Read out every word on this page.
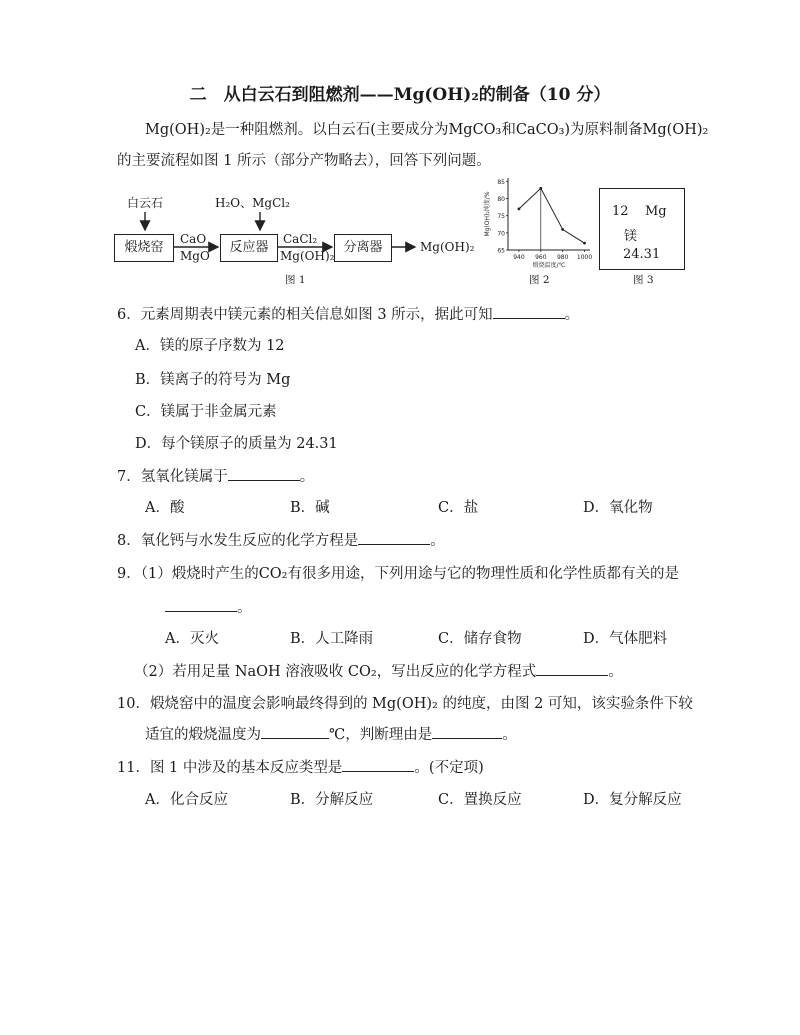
二　从白云石到阻燃剂——Mg(OH)₂的制备（10 分）
Mg(OH)₂是一种阻燃剂。以白云石(主要成分为MgCO₃和CaCO₃)为原料制备Mg(OH)₂
的主要流程如图 1 所示（部分产物略去），回答下列问题。
白云石	H₂O、MgCl₂
煅烧窑
CaO
MgO
反应器
CaCl₂
Mg(OH)₂
分离器	Mg(OH)₂
图 1
65
70
75
80
85
940 960 980 1000
煅烧温度/℃
Mg(OH)₂纯度/%
图 2
12 Mg
镁
24.31
图 3
6．元素周期表中镁元素的相关信息如图 3 所示，据此可知	。
A．镁的原子序数为 12
B．镁离子的符号为 Mg
C．镁属于非金属元素
D．每个镁原子的质量为 24.31
7．氢氧化镁属于	。
A．酸	B．碱	C．盐	D．氧化物
8．氧化钙与水发生反应的化学方程是	。
9．（1）煅烧时产生的CO₂有很多用途，下列用途与它的物理性质和化学性质都有关的是
。
A．灭火	B．人工降雨	C．储存食物	D．气体肥料
（2）若用足量 NaOH 溶液吸收 CO₂，写出反应的化学方程式	。
10．煅烧窑中的温度会影响最终得到的 Mg(OH)₂ 的纯度，由图 2 可知，该实验条件下较
适宜的煅烧温度为	℃，判断理由是	。
11．图 1 中涉及的基本反应类型是	。(不定项)
A．化合反应	B．分解反应	C．置换反应	D．复分解反应
